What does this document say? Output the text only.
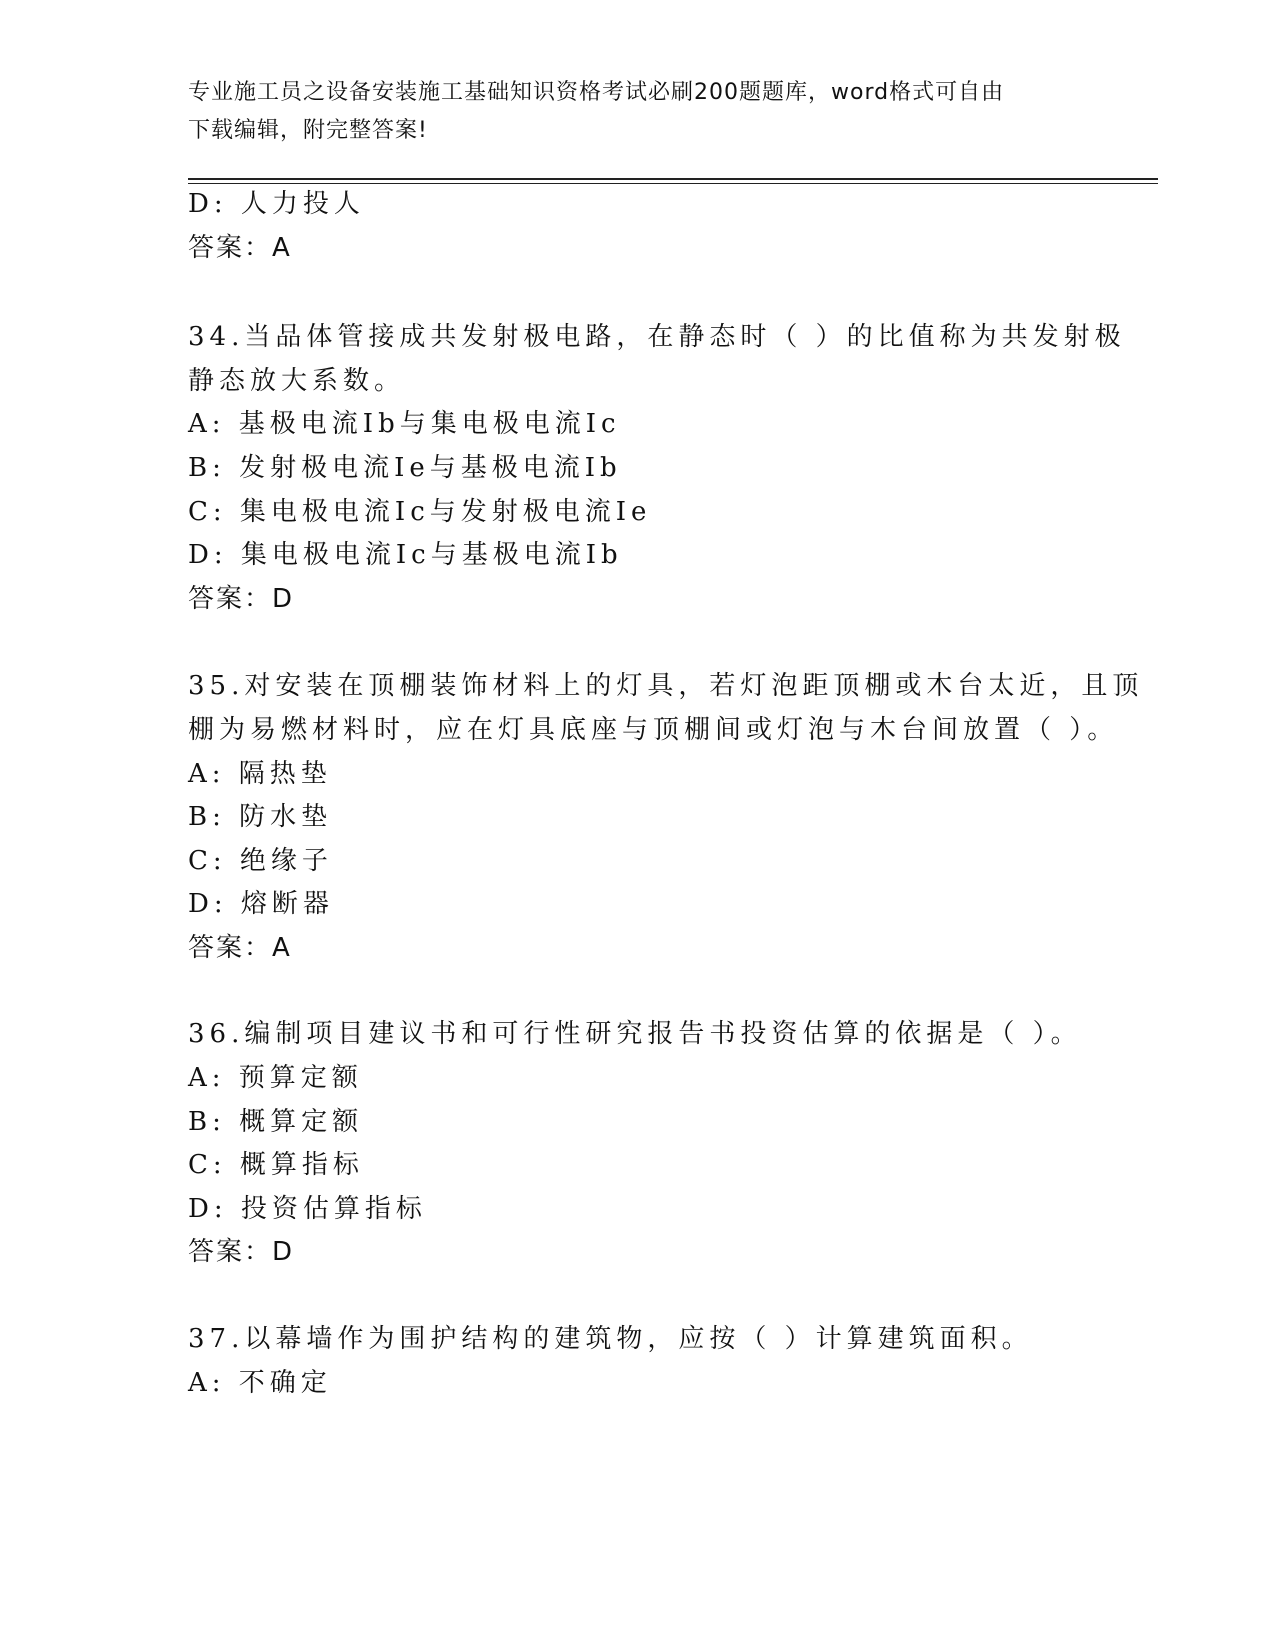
专业施工员之设备安装施工基础知识资格考试必刷200题题库，word格式可自由
下载编辑，附完整答案!
D: 人力投人
答案：A
34.当品体管接成共发射极电路，在静态时（ ）的比值称为共发射极
静态放大系数。
A: 基极电流Ib与集电极电流Ic
B: 发射极电流Ie与基极电流Ib
C: 集电极电流Ic与发射极电流Ie
D: 集电极电流Ic与基极电流Ib
答案：D
35.对安装在顶棚装饰材料上的灯具，若灯泡距顶棚或木台太近，且顶
棚为易燃材料时，应在灯具底座与顶棚间或灯泡与木台间放置（ ）。
A: 隔热垫
B: 防水垫
C: 绝缘子
D: 熔断器
答案：A
36.编制项目建议书和可行性研究报告书投资估算的依据是（ ）。
A: 预算定额
B: 概算定额
C: 概算指标
D: 投资估算指标
答案：D
37.以幕墙作为围护结构的建筑物，应按（ ）计算建筑面积。
A: 不确定
